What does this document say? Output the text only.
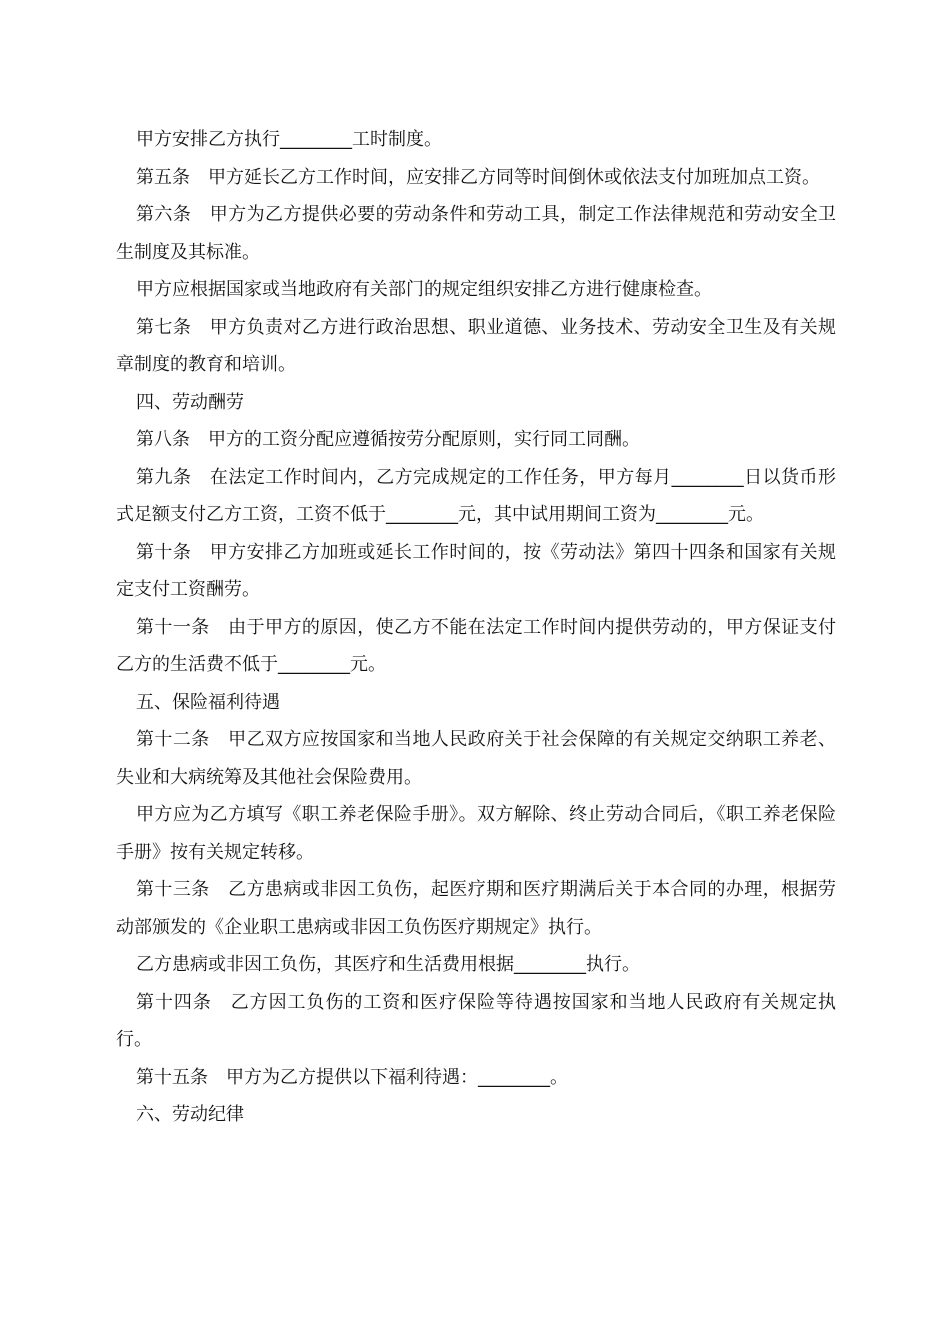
甲方安排乙方执行________工时制度。

第五条　甲方延长乙方工作时间，应安排乙方同等时间倒休或依法支付加班加点工资。

第六条　甲方为乙方提供必要的劳动条件和劳动工具，制定工作法律规范和劳动安全卫生制度及其标准。

甲方应根据国家或当地政府有关部门的规定组织安排乙方进行健康检查。

第七条　甲方负责对乙方进行政治思想、职业道德、业务技术、劳动安全卫生及有关规章制度的教育和培训。

四、劳动酬劳

第八条　甲方的工资分配应遵循按劳分配原则，实行同工同酬。

第九条　在法定工作时间内，乙方完成规定的工作任务，甲方每月________日以货币形式足额支付乙方工资，工资不低于________元，其中试用期间工资为________元。

第十条　甲方安排乙方加班或延长工作时间的，按《劳动法》第四十四条和国家有关规定支付工资酬劳。

第十一条　由于甲方的原因，使乙方不能在法定工作时间内提供劳动的，甲方保证支付乙方的生活费不低于________元。

五、保险福利待遇

第十二条　甲乙双方应按国家和当地人民政府关于社会保障的有关规定交纳职工养老、失业和大病统筹及其他社会保险费用。

甲方应为乙方填写《职工养老保险手册》。双方解除、终止劳动合同后，《职工养老保险手册》按有关规定转移。

第十三条　乙方患病或非因工负伤，起医疗期和医疗期满后关于本合同的办理，根据劳动部颁发的《企业职工患病或非因工负伤医疗期规定》执行。

乙方患病或非因工负伤，其医疗和生活费用根据________执行。

第十四条　乙方因工负伤的工资和医疗保险等待遇按国家和当地人民政府有关规定执行。

第十五条　甲方为乙方提供以下福利待遇：________。

六、劳动纪律
